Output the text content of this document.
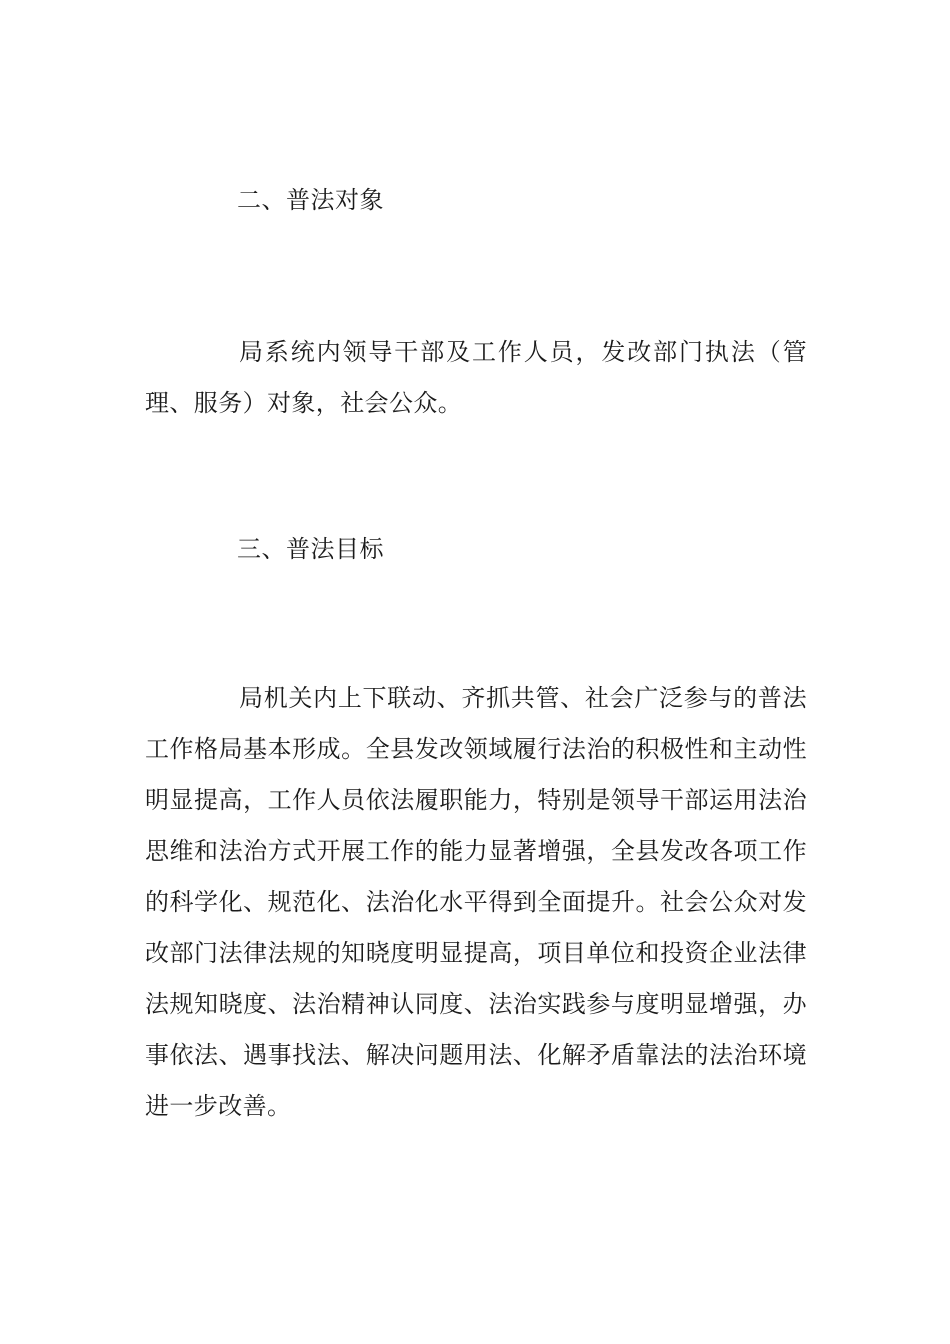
二、普法对象
局系统内领导干部及工作人员，发改部门执法（管理、服务）对象，社会公众。
三、普法目标
局机关内上下联动、齐抓共管、社会广泛参与的普法工作格局基本形成。全县发改领域履行法治的积极性和主动性明显提高，工作人员依法履职能力，特别是领导干部运用法治思维和法治方式开展工作的能力显著增强，全县发改各项工作的科学化、规范化、法治化水平得到全面提升。社会公众对发改部门法律法规的知晓度明显提高，项目单位和投资企业法律法规知晓度、法治精神认同度、法治实践参与度明显增强，办事依法、遇事找法、解决问题用法、化解矛盾靠法的法治环境进一步改善。
